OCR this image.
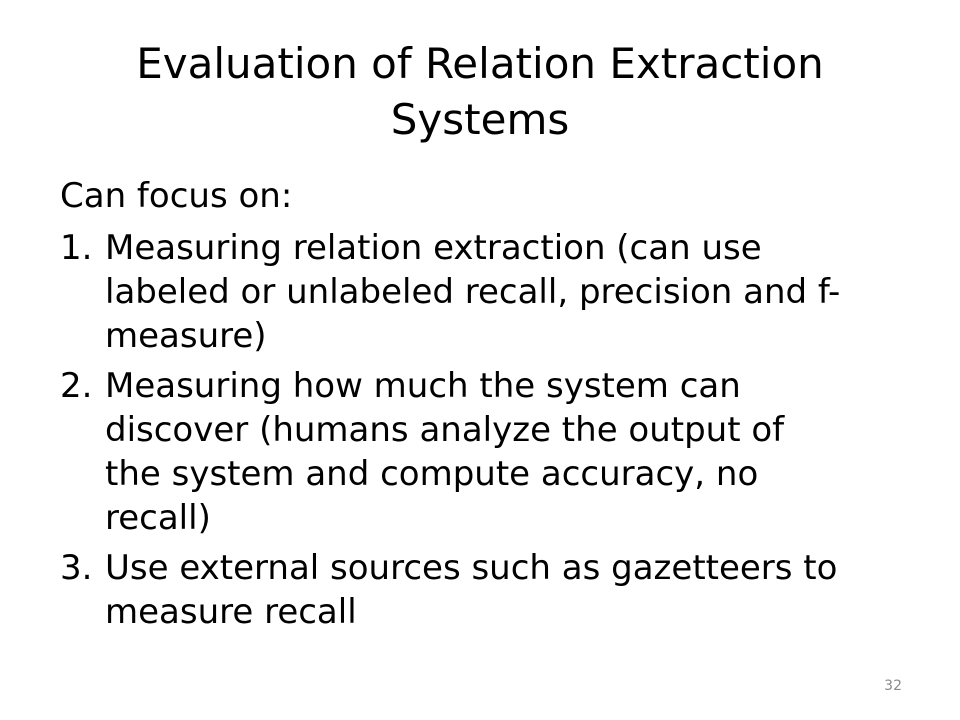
Evaluation of Relation Extraction
Systems

Can focus on:

1. Measuring relation extraction (can use
labeled or unlabeled recall, precision and f-
measure)
2. Measuring how much the system can
discover (humans analyze the output of
the system and compute accuracy, no
recall)
3. Use external sources such as gazetteers to
measure recall
32
